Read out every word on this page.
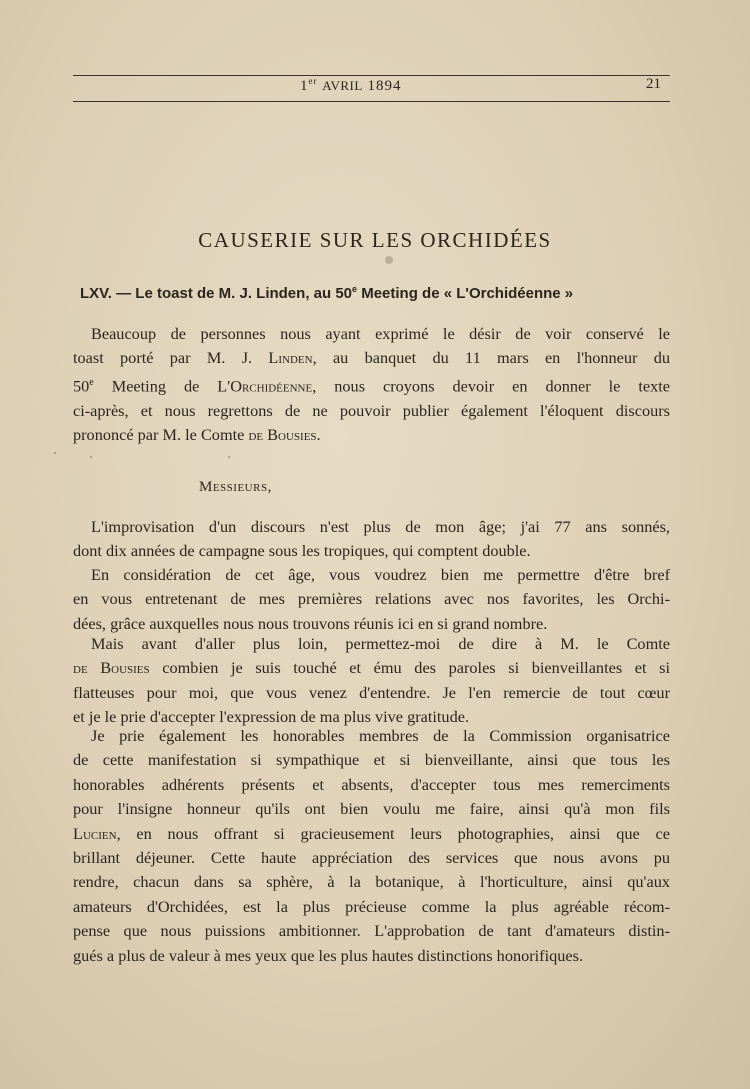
1er AVRIL 1894	21
CAUSERIE SUR LES ORCHIDÉES
LXV. — Le toast de M. J. Linden, au 50e Meeting de « L'Orchidéenne »
Beaucoup de personnes nous ayant exprimé le désir de voir conservé le
toast porté par M. J. Linden, au banquet du 11 mars en l'honneur du
50e Meeting de L'Orchidéenne, nous croyons devoir en donner le texte
ci-après, et nous regrettons de ne pouvoir publier également l'éloquent discours
prononcé par M. le Comte de Bousies.
Messieurs,
L'improvisation d'un discours n'est plus de mon âge; j'ai 77 ans sonnés,
dont dix années de campagne sous les tropiques, qui comptent double.
En considération de cet âge, vous voudrez bien me permettre d'être bref
en vous entretenant de mes premières relations avec nos favorites, les Orchi-
dées, grâce auxquelles nous nous trouvons réunis ici en si grand nombre.
Mais avant d'aller plus loin, permettez-moi de dire à M. le Comte
de Bousies combien je suis touché et ému des paroles si bienveillantes et si
flatteuses pour moi, que vous venez d'entendre. Je l'en remercie de tout cœur
et je le prie d'accepter l'expression de ma plus vive gratitude.
Je prie également les honorables membres de la Commission organisatrice
de cette manifestation si sympathique et si bienveillante, ainsi que tous les
honorables adhérents présents et absents, d'accepter tous mes remerciments
pour l'insigne honneur qu'ils ont bien voulu me faire, ainsi qu'à mon fils
Lucien, en nous offrant si gracieusement leurs photographies, ainsi que ce
brillant déjeuner. Cette haute appréciation des services que nous avons pu
rendre, chacun dans sa sphère, à la botanique, à l'horticulture, ainsi qu'aux
amateurs d'Orchidées, est la plus précieuse comme la plus agréable récom-
pense que nous puissions ambitionner. L'approbation de tant d'amateurs distin-
gués a plus de valeur à mes yeux que les plus hautes distinctions honorifiques.
